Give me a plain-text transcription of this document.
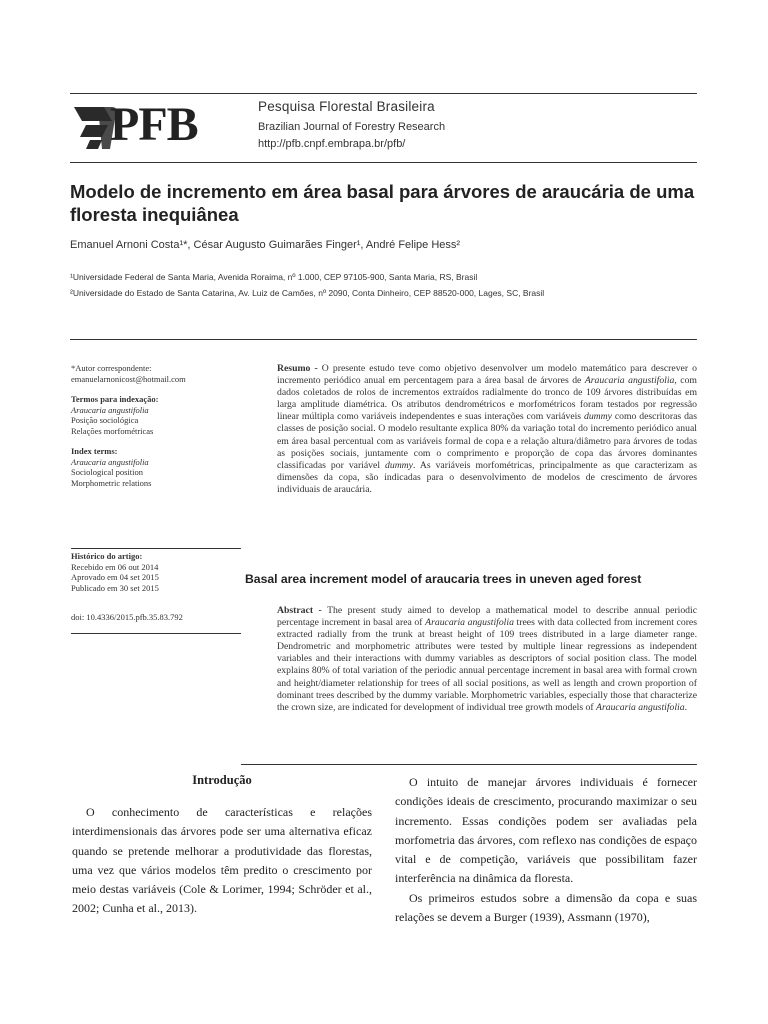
PFB	Pesquisa Florestal Brasileira
Brazilian Journal of Forestry Research
http://pfb.cnpf.embrapa.br/pfb/
Modelo de incremento em área basal para árvores de araucária de uma floresta inequiânea
Emanuel Arnoni Costa¹*, César Augusto Guimarães Finger¹, André Felipe Hess²
¹Universidade Federal de Santa Maria, Avenida Roraima, nº 1.000, CEP 97105-900, Santa Maria, RS, Brasil
²Universidade do Estado de Santa Catarina, Av. Luiz de Camões, nº 2090, Conta Dinheiro, CEP 88520-000, Lages, SC, Brasil
*Autor correspondente:
emanuelarnonicost@hotmail.com
Termos para indexação:
Araucaria angustifolia
Posição sociológica
Relações morfométricas
Index terms:
Araucaria angustifolia
Sociological position
Morphometric relations
Histórico do artigo:
Recebido em 06 out 2014
Aprovado em 04 set 2015
Publicado em 30 set 2015
doi: 10.4336/2015.pfb.35.83.792
Resumo - O presente estudo teve como objetivo desenvolver um modelo matemático para descrever o incremento periódico anual em percentagem para a área basal de árvores de Araucaria angustifolia, com dados coletados de rolos de incrementos extraídos radialmente do tronco de 109 árvores distribuídas em larga amplitude diamétrica. Os atributos dendrométricos e morfométricos foram testados por regressão linear múltipla como variáveis independentes e suas interações com variáveis dummy como descritoras das classes de posição social. O modelo resultante explica 80% da variação total do incremento periódico anual em área basal percentual com as variáveis formal de copa e a relação altura/diâmetro para árvores de todas as posições sociais, juntamente com o comprimento e proporção de copa das árvores dominantes classificadas por variável dummy. As variáveis morfométricas, principalmente as que caracterizam as dimensões da copa, são indicadas para o desenvolvimento de modelos de crescimento de árvores individuais de araucária.
Basal area increment model of araucaria trees in uneven aged forest
Abstract - The present study aimed to develop a mathematical model to describe annual periodic percentage increment in basal area of Araucaria angustifolia trees with data collected from increment cores extracted radially from the trunk at breast height of 109 trees distributed in a large diameter range. Dendrometric and morphometric attributes were tested by multiple linear regressions as independent variables and their interactions with dummy variables as descriptors of social position class. The model explains 80% of total variation of the periodic annual percentage increment in basal area with formal crown and height/diameter relationship for trees of all social positions, as well as length and crown proportion of dominant trees described by the dummy variable. Morphometric variables, especially those that characterize the crown size, are indicated for development of individual tree growth models of Araucaria angustifolia.
Introdução

O conhecimento de características e relações interdimensionais das árvores pode ser uma alternativa eficaz quando se pretende melhorar a produtividade das florestas, uma vez que vários modelos têm predito o crescimento por meio destas variáveis (Cole & Lorimer, 1994; Schröder et al., 2002; Cunha et al., 2013).

O intuito de manejar árvores individuais é fornecer condições ideais de crescimento, procurando maximizar o seu incremento. Essas condições podem ser avaliadas pela morfometria das árvores, com reflexo nas condições de espaço vital e de competição, variáveis que possibilitam fazer interferência na dinâmica da floresta.

Os primeiros estudos sobre a dimensão da copa e suas relações se devem a Burger (1939), Assmann (1970),
